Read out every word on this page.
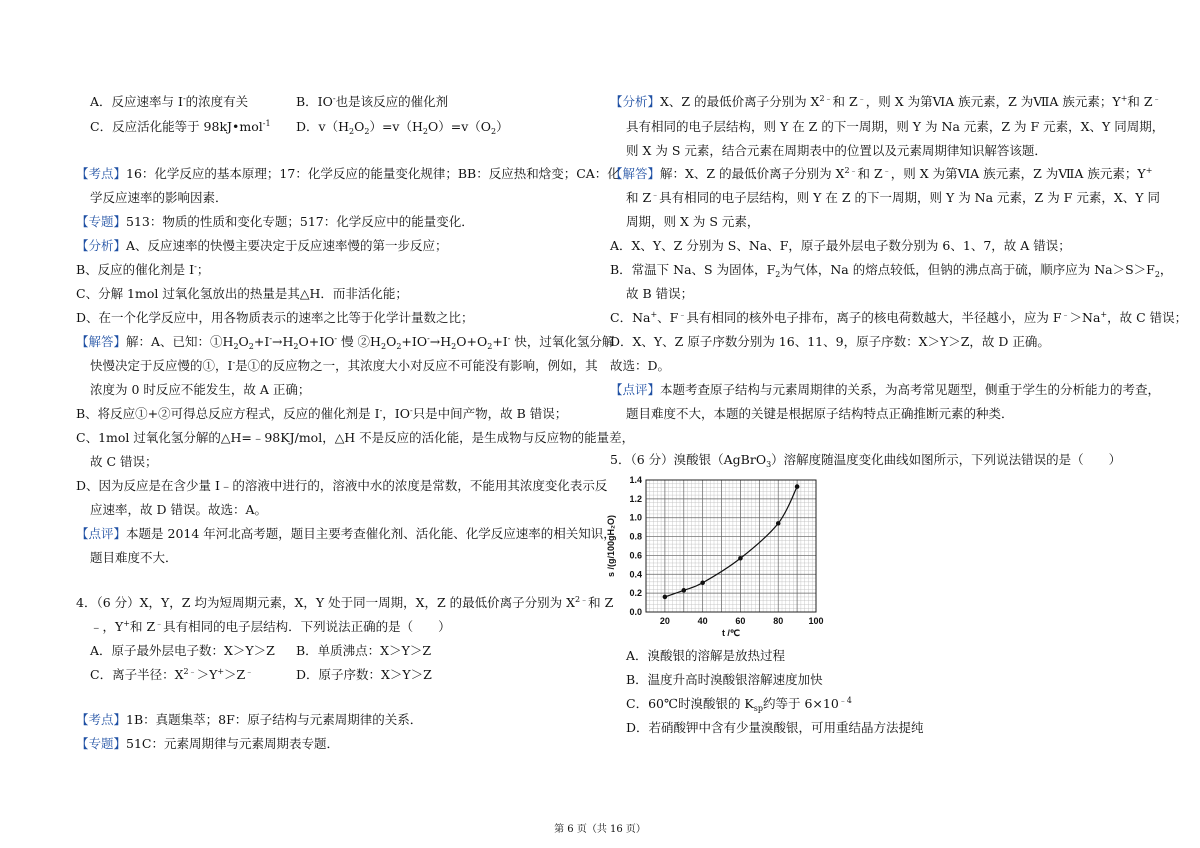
A．反应速率与 I-的浓度有关	B．IO-也是该反应的催化剂
C．反应活化能等于 98kJ•mol$^{-1}$ D．$v(H_2O_2)=v(H_2O)=v(O_2)$
【考点】16：化学反应的基本原理；17：化学反应的能量变化规律；BB：反应热和焓变；CA：化
学反应速率的影响因素．
【专题】513：物质的性质和变化专题；517：化学反应中的能量变化．
【分析】A、反应速率的快慢主要决定于反应速率慢的第一步反应；
B、反应的催化剂是 I-；
C、分解 1mol 过氧化氢放出的热量是其△H．而非活化能；
D、在一个化学反应中，用各物质表示的速率之比等于化学计量数之比；
【解答】解：A、已知：$①H_2O_2+I^-\to H_2O+IO^-$ 慢 $②H_2O_2+IO^-\to H_2O+O_2+I^-$ 快，过氧化氢分解
快慢决定于反应慢的①，I-是①的反应物之一，其浓度大小对反应不可能没有影响，例如，其
浓度为 0 时反应不能发生，故 A 正确；
B、将反应①+②可得总反应方程式，反应的催化剂是 I-，IO-只是中间产物，故 B 错误；
C、1mol 过氧化氢分解的△H=﹣98KJ/mol，△H 不是反应的活化能，是生成物与反应物的能量差，
故 C 错误；
D、因为反应是在含少量 I﹣的溶液中进行的，溶液中水的浓度是常数，不能用其浓度变化表示反
应速率，故 D 错误。故选：A。
【点评】本题是 2014 年河北高考题，题目主要考查催化剂、活化能、化学反应速率的相关知识，
题目难度不大．
4．（6 分）X，Y，Z 均为短周期元素，X，Y 处于同一周期，X，Z 的最低价离子分别为 $X^{2﹣}$和 Z
﹣，Y+和 Z﹣具有相同的电子层结构．下列说法正确的是（　　）
A．原子最外层电子数：X＞Y＞Z B．单质沸点：X＞Y＞Z
C．离子半径：$X^{2﹣}>Y^+>Z^﹣$	D．原子序数：X＞Y＞Z
【考点】1B：真题集萃；8F：原子结构与元素周期律的关系．
【专题】51C：元素周期律与元素周期表专题．
【分析】X、Z 的最低价离子分别为 $X^{2﹣}$和 Z﹣，则 X 为第ⅥA 族元素，Z 为ⅦA 族元素；Y+和 Z﹣
具有相同的电子层结构，则 Y 在 Z 的下一周期，则 Y 为 Na 元素，Z 为 F 元素，X、Y 同周期，
则 X 为 S 元素，结合元素在周期表中的位置以及元素周期律知识解答该题．
【解答】解：X、Z 的最低价离子分别为 $X^{2﹣}$和 Z﹣，则 X 为第ⅥA 族元素，Z 为ⅦA 族元素；Y+
和 Z﹣具有相同的电子层结构，则 Y 在 Z 的下一周期，则 Y 为 Na 元素，Z 为 F 元素，X、Y 同
周期，则 X 为 S 元素，
A．X、Y、Z 分别为 S、Na、F，原子最外层电子数分别为 6、1、7，故 A 错误；
B．常温下 Na、S 为固体，$F_2$为气体，Na 的熔点较低，但钠的沸点高于硫，顺序应为 $Na>S>F_2$，
故 B 错误；
C．Na+、F﹣具有相同的核外电子排布，离子的核电荷数越大，半径越小，应为 F﹣＞Na+，故 C 错误；
D．X、Y、Z 原子序数分别为 16、11、9，原子序数：X＞Y＞Z，故 D 正确。
故选：D。
【点评】本题考查原子结构与元素周期律的关系，为高考常见题型，侧重于学生的分析能力的考查，
题目难度不大，本题的关键是根据原子结构特点正确推断元素的种类．
5．（6 分）溴酸银（AgBrO$_3$）溶解度随温度变化曲线如图所示，下列说法错误的是（　　）
A．溴酸银的溶解是放热过程
B．温度升高时溴酸银溶解速度加快
C．60℃时溴酸银的 $K_{sp}$约等于 $6\times 10^{﹣4}$
D．若硝酸钾中含有少量溴酸银，可用重结晶方法提纯
0.0
0.2
0.4
0.6
0.8
1.0
1.2
1.4
20	40	60	80	100
s /(g/100gH₂O)
t /℃
第 6 页（共 16 页）
